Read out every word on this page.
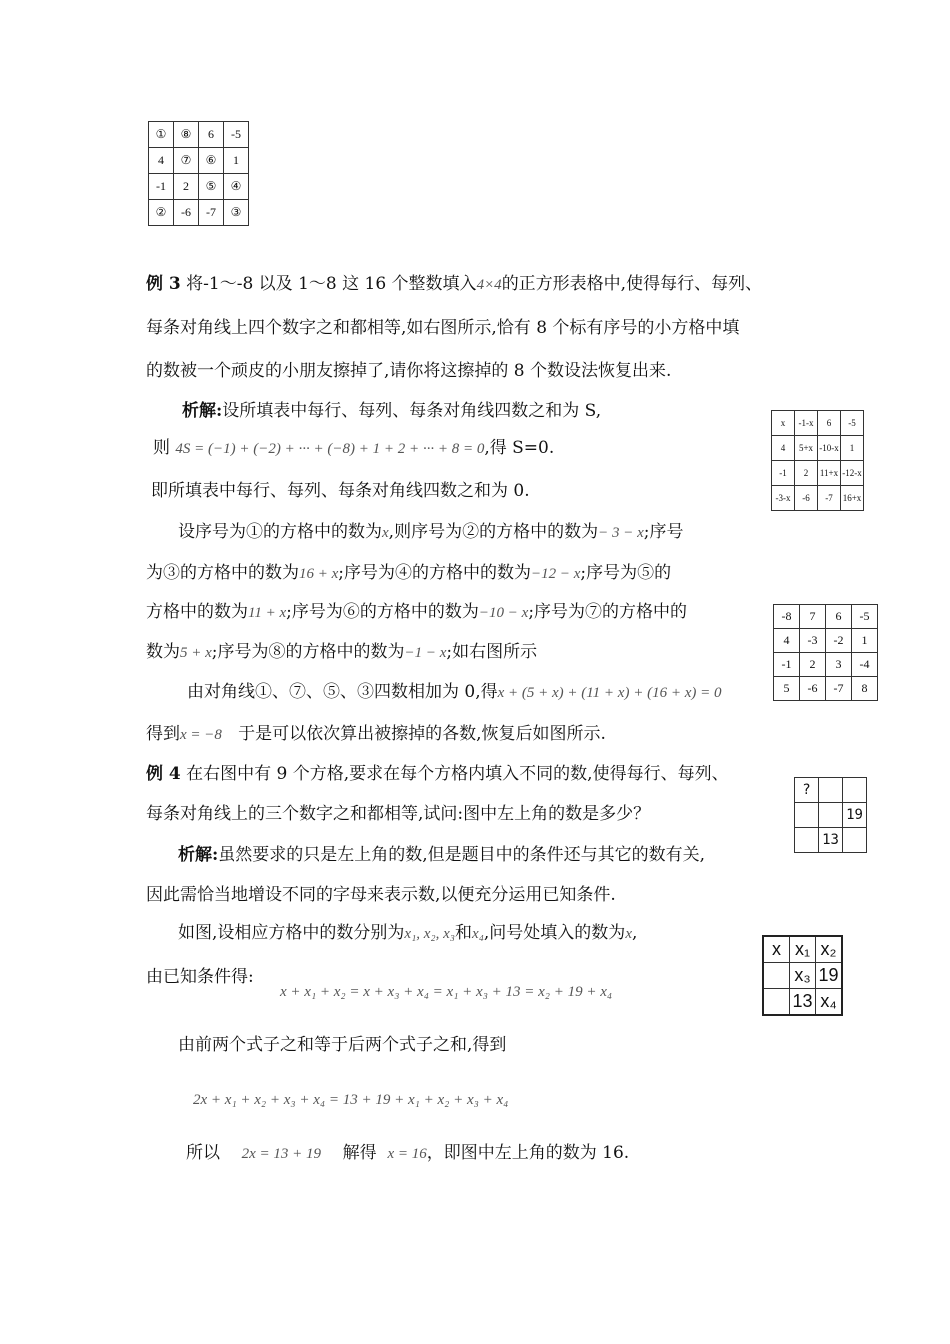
①	⑧	6	-5
4	⑦	⑥	1
-1	2	⑤	④
②	-6	-7	③
例 3 将-1～-8 以及 1～8 这 16 个整数填入4×4的正方形表格中,使得每行、每列、
每条对角线上四个数字之和都相等,如右图所示,恰有 8 个标有序号的小方格中填
的数被一个顽皮的小朋友擦掉了,请你将这擦掉的 8 个数设法恢复出来.
析解:设所填表中每行、每列、每条对角线四数之和为 S,
则 4S = (−1) + (−2) + ··· + (−8) + 1 + 2 + ··· + 8 = 0,得 S=0.
即所填表中每行、每列、每条对角线四数之和为 0.
设序号为①的方格中的数为x,则序号为②的方格中的数为− 3 − x;序号
为③的方格中的数为16 + x;序号为④的方格中的数为−12 − x;序号为⑤的
方格中的数为11 + x;序号为⑥的方格中的数为−10 − x;序号为⑦的方格中的
数为5 + x;序号为⑧的方格中的数为−1 − x;如右图所示
由对角线①、⑦、⑤、③四数相加为 0,得x + (5 + x) + (11 + x) + (16 + x) = 0
得到x = −8 于是可以依次算出被擦掉的各数,恢复后如图所示.
x	-1-x	6	-5
4	5+x	-10-x	1
-1	2	11+x	-12-x
-3-x	-6	-7	16+x
-8	7	6	-5
4	-3	-2	1
-1	2	3	-4
5	-6	-7	8
例 4 在右图中有 9 个方格,要求在每个方格内填入不同的数,使得每行、每列、
每条对角线上的三个数字之和都相等,试问:图中左上角的数是多少？
?		
		19
	13	
析解:虽然要求的只是左上角的数,但是题目中的条件还与其它的数有关,
因此需恰当地增设不同的字母来表示数,以便充分运用已知条件.
如图,设相应方格中的数分别为x₁, x₂, x₃和x₄,问号处填入的数为x,
由已知条件得:
x + x₁ + x₂ = x + x₃ + x₄ = x₁ + x₃ + 13 = x₂ + 19 + x₄
由前两个式子之和等于后两个式子之和,得到
2x + x₁ + x₂ + x₃ + x₄ = 13 + 19 + x₁ + x₂ + x₃ + x₄
所以 2x = 13 + 19 解得 x = 16，即图中左上角的数为 16.
x	x₁	x₂
	x₃	19
	13	x₄
